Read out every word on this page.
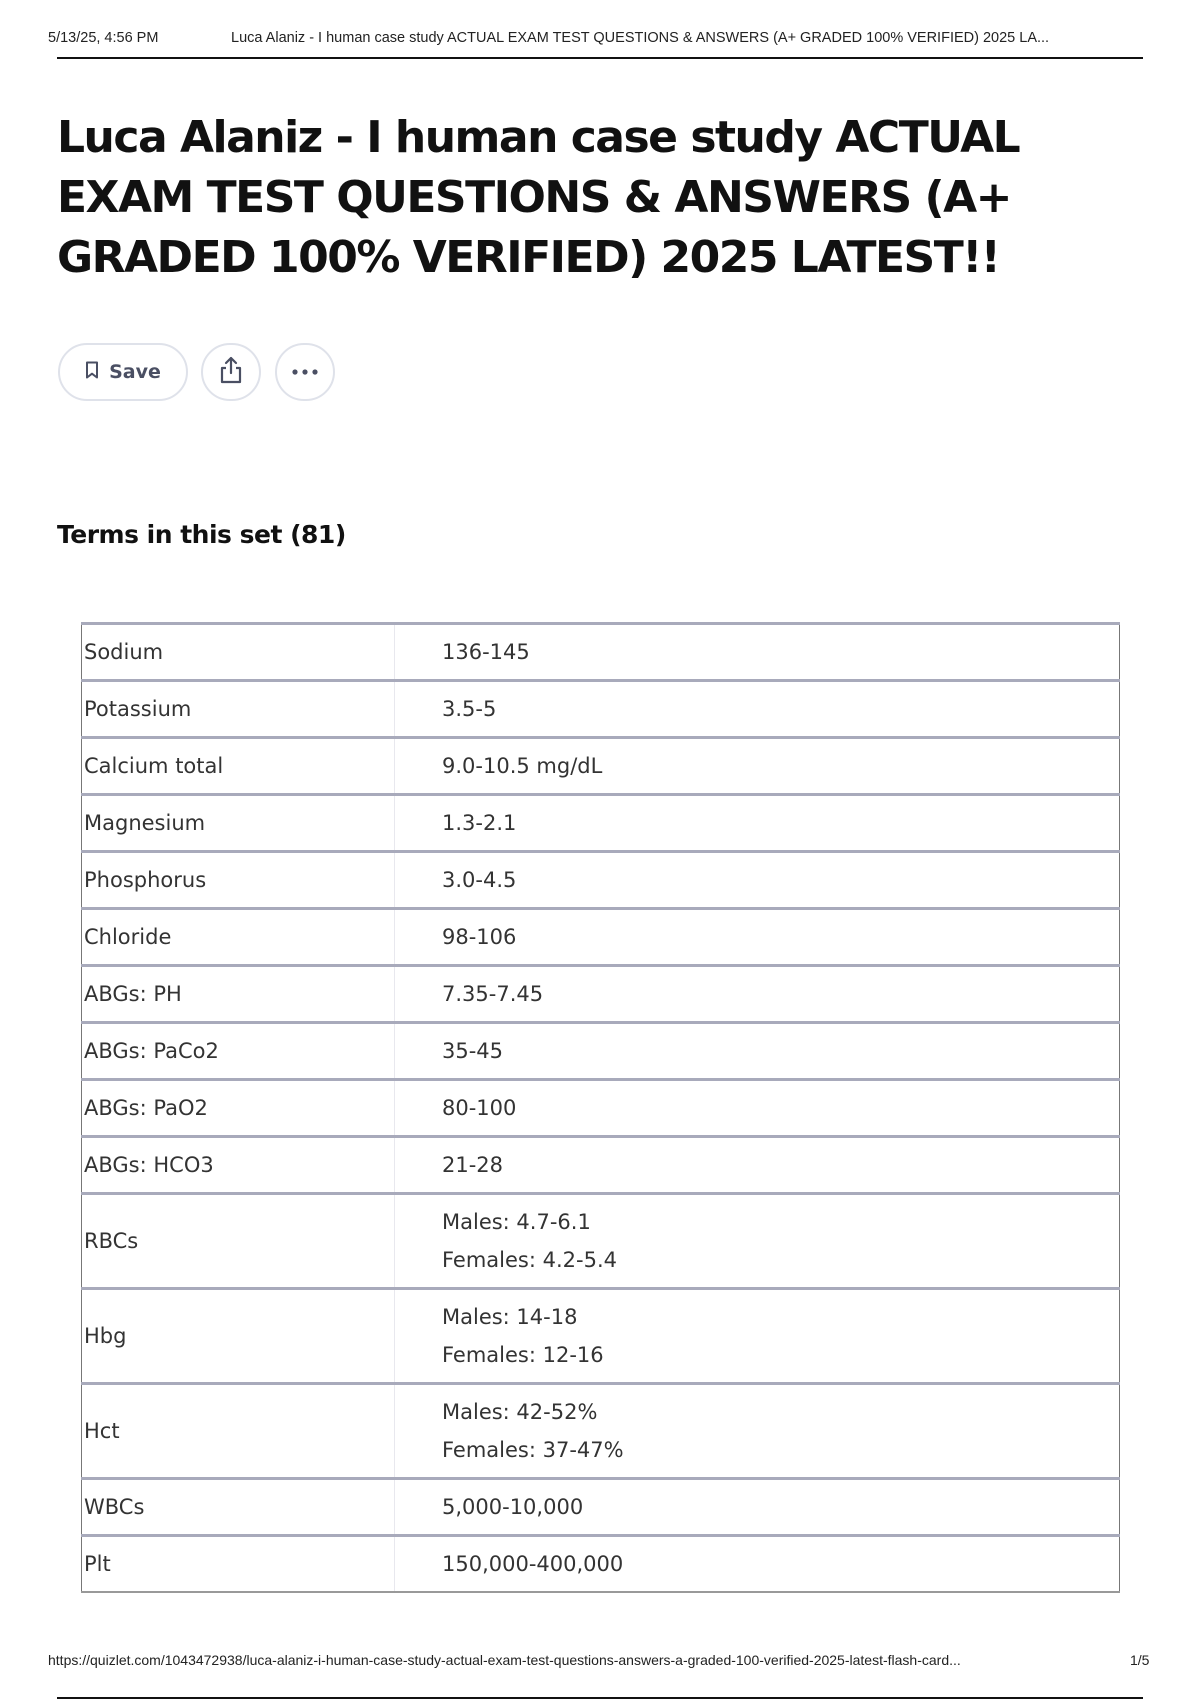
5/13/25, 4:56 PM	Luca Alaniz - I human case study ACTUAL EXAM TEST QUESTIONS & ANSWERS (A+ GRADED 100% VERIFIED) 2025 LA...
Luca Alaniz - I human case study ACTUAL EXAM TEST QUESTIONS & ANSWERS (A+ GRADED 100% VERIFIED) 2025 LATEST!!
Save
Terms in this set (81)
Sodium	136-145

Potassium	3.5-5

Calcium total	9.0-10.5 mg/dL

Magnesium	1.3-2.1

Phosphorus	3.0-4.5

Chloride	98-106

ABGs: PH	7.35-7.45

ABGs: PaCo2	35-45

ABGs: PaO2	80-100

ABGs: HCO3	21-28

RBCs	Males: 4.7-6.1
Females: 4.2-5.4

Hbg	Males: 14-18
Females: 12-16

Hct	Males: 42-52%
Females: 37-47%

WBCs	5,000-10,000

Plt	150,000-400,000
https://quizlet.com/1043472938/luca-alaniz-i-human-case-study-actual-exam-test-questions-answers-a-graded-100-verified-2025-latest-flash-card...	1/5
